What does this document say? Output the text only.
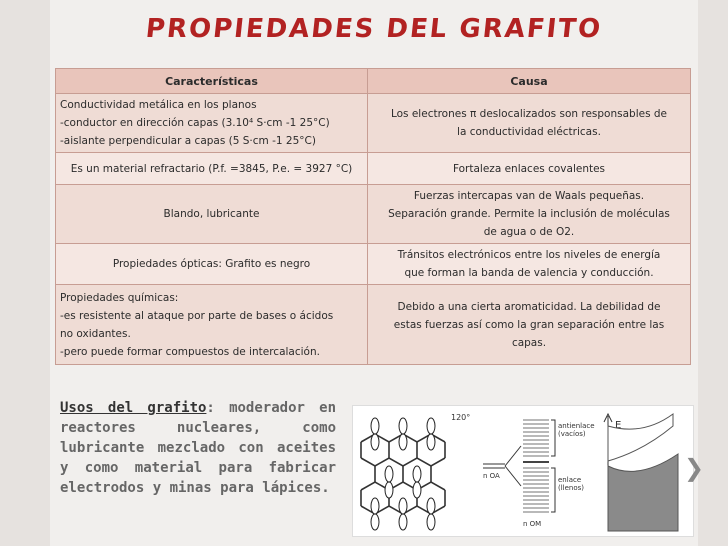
PROPIEDADES DEL GRAFITO
Características	Causa

Conductividad metálica en los planos
-conductor en dirección capas (3.10⁴ S·cm -1 25°C)
-aislante perpendicular a capas (5 S·cm -1 25°C)	Los electrones π deslocalizados son responsables de
la conductividad eléctricas.

Es un material refractario (P.f. =3845, P.e. = 3927 °C)	Fortaleza enlaces covalentes

Blando, lubricante	Fuerzas intercapas van de Waals pequeñas.
Separación grande. Permite la inclusión de moléculas
de agua o de O2.

Propiedades ópticas: Grafito es negro	Tránsitos electrónicos entre los niveles de energía
que forman la banda de valencia y conducción.

Propiedades químicas:
-es resistente al ataque por parte de bases o ácidos
no oxidantes.
-pero puede formar compuestos de intercalación.	Debido a una cierta aromaticidad. La debilidad de
estas fuerzas así como la gran separación entre las
capas.
Usos del grafito: moderador en reactores nucleares, como lubricante mezclado con aceites y como material para fabricar electrodos y minas para lápices.
120°
n OA
antienlace
(vacíos)
enlace
(llenos)
n OM
E
❯
